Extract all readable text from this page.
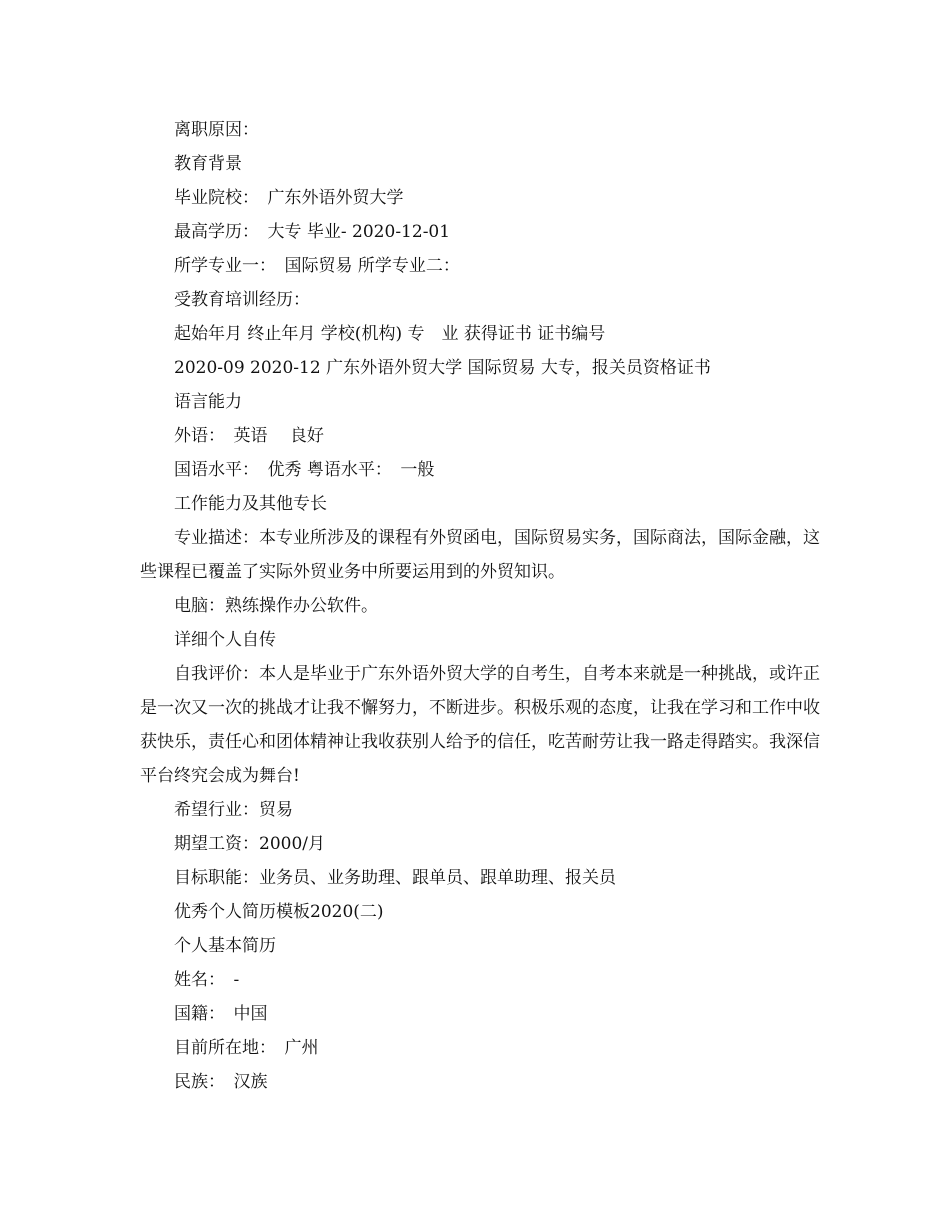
离职原因：

教育背景

毕业院校：　广东外语外贸大学

最高学历：　大专 毕业- 2020-12-01

所学专业一：　国际贸易 所学专业二：

受教育培训经历：

起始年月 终止年月 学校(机构) 专　业 获得证书 证书编号

2020-09 2020-12 广东外语外贸大学 国际贸易 大专，报关员资格证书

语言能力

外语：　英语　 良好

国语水平：　优秀 粤语水平：　一般

工作能力及其他专长

专业描述：本专业所涉及的课程有外贸函电，国际贸易实务，国际商法，国际金融，这些课程已覆盖了实际外贸业务中所要运用到的外贸知识。

电脑：熟练操作办公软件。

详细个人自传

自我评价：本人是毕业于广东外语外贸大学的自考生，自考本来就是一种挑战，或许正是一次又一次的挑战才让我不懈努力，不断进步。积极乐观的态度，让我在学习和工作中收获快乐，责任心和团体精神让我收获别人给予的信任，吃苦耐劳让我一路走得踏实。我深信平台终究会成为舞台!

希望行业：贸易

期望工资：2000/月

目标职能：业务员、业务助理、跟单员、跟单助理、报关员

优秀个人简历模板2020(二)

个人基本简历

姓名：　-

国籍：　中国

目前所在地：　广州

民族：　汉族
